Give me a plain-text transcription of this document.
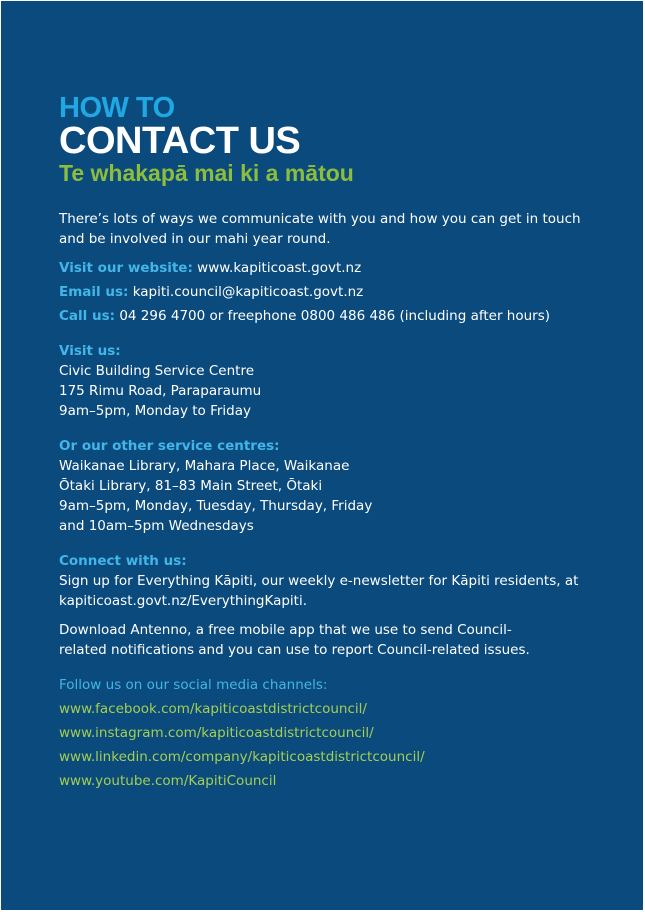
HOW TO
CONTACT US
Te whakapā mai ki a mātou
There’s lots of ways we communicate with you and how you can get in touch and be involved in our mahi year round.
Visit our website: www.kapiticoast.govt.nz
Email us: kapiti.council@kapiticoast.govt.nz
Call us: 04 296 4700 or freephone 0800 486 486 (including after hours)
Visit us:
Civic Building Service Centre
175 Rimu Road, Paraparaumu
9am–5pm, Monday to Friday
Or our other service centres:
Waikanae Library, Mahara Place, Waikanae
Ōtaki Library, 81–83 Main Street, Ōtaki
9am–5pm, Monday, Tuesday, Thursday, Friday
and 10am–5pm Wednesdays
Connect with us:
Sign up for Everything Kāpiti, our weekly e-newsletter for Kāpiti residents, at kapiticoast.govt.nz/EverythingKapiti.
Download Antenno, a free mobile app that we use to send Council-
related notifications and you can use to report Council-related issues.
Follow us on our social media channels:
www.facebook.com/kapiticoastdistrictcouncil/
www.instagram.com/kapiticoastdistrictcouncil/
www.linkedin.com/company/kapiticoastdistrictcouncil/
www.youtube.com/KapitiCouncil
